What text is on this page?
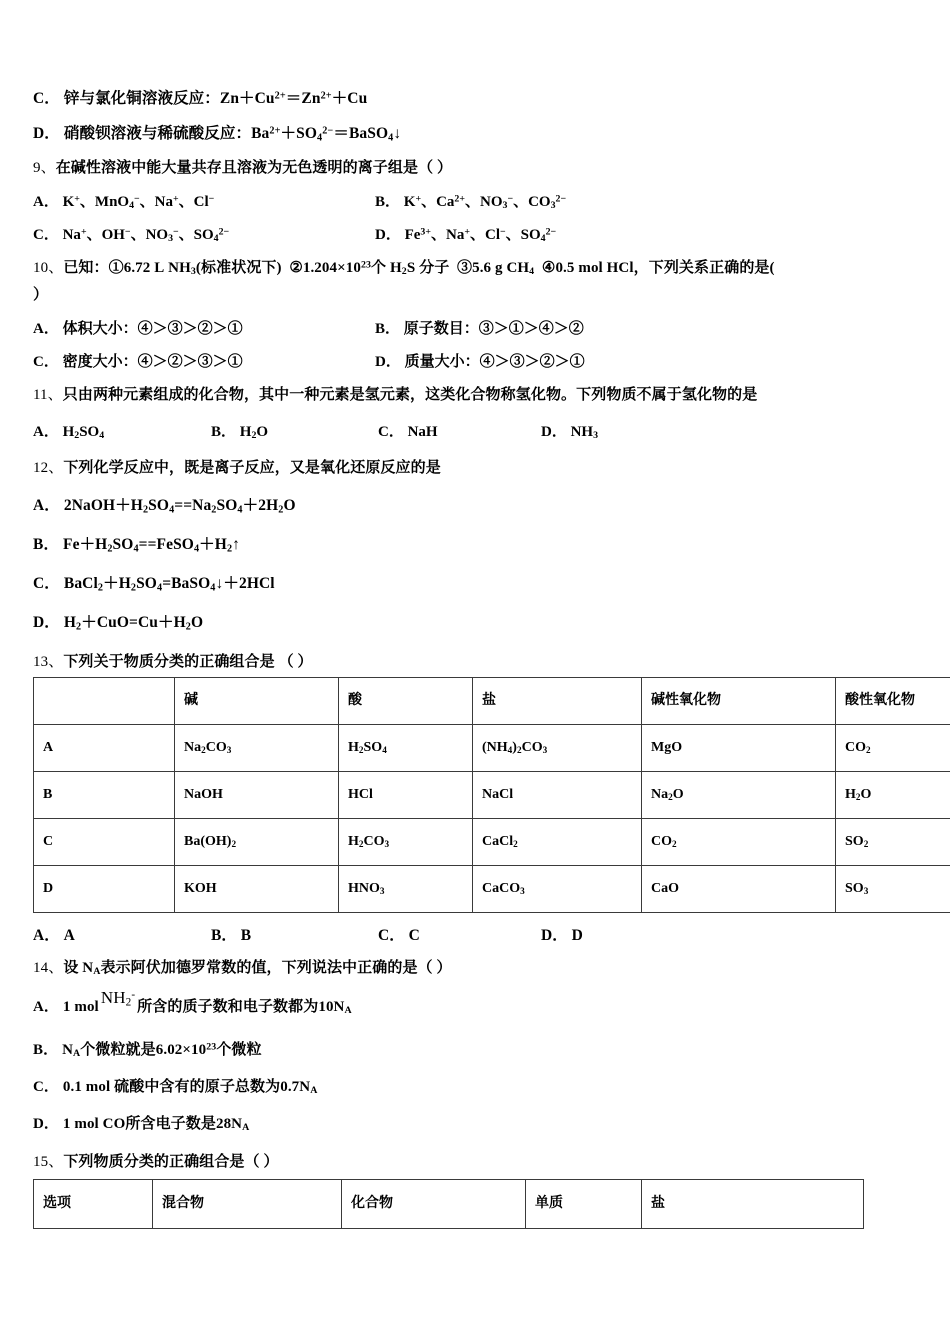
C． 锌与氯化铜溶液反应：$Zn+Cu^{2+}=Zn^{2+}+Cu$
D． 硝酸钡溶液与稀硫酸反应：$Ba^{2+}+SO_4^{2-}=BaSO_4↓$
9、在碱性溶液中能大量共存且溶液为无色透明的离子组是（ ）
A． K+、MnO$_4$−、Na+、Cl−	B． K+、$Ca^{2+}$、$NO_3^-$、$CO_3^{2-}$
C． Na+、OH−、$NO_3^-$、$SO_4^{2-}$	D． $Fe^{3+}$、Na+、Cl−、$SO_4^{2-}$
10、已知：①6.72 L $NH_3$(标准状况下)  $②1.204\times 10^{23}$个 $H_2S$ 分子  ③5.6 g $CH_4$  ④0.5 mol HCl，下列关系正确的是(
）
A． 体积大小：④＞③＞②＞①	B． 原子数目：③＞①＞④＞②
C． 密度大小：④＞②＞③＞①	D． 质量大小：④＞③＞②＞①
11、只由两种元素组成的化合物，其中一种元素是氢元素，这类化合物称氢化物。下列物质不属于氢化物的是
A． $H_2SO_4$	B． $H_2O$	C． NaH	D． $NH_3$
12、下列化学反应中，既是离子反应，又是氧化还原反应的是
A． $2NaOH+H_2SO_4==Na_2SO_4+2H_2O$
B． $Fe+H_2SO_4==FeSO_4+H_2↑$
C． $BaCl_2+H_2SO_4=BaSO_4↓+2HCl$
D． $H_2+CuO=Cu+H_2O$
13、下列关于物质分类的正确组合是 （ ）
	碱	酸	盐	碱性氧化物	酸性氧化物
A	$Na_2CO_3$	$H_2SO_4$	$(NH_4)_2CO_3$	MgO	$CO_2$
B	NaOH	HCl	NaCl	$Na_2O$	$H_2O$
C	$Ba(OH)_2$	$H_2CO_3$	CaCl$_2$	$CO_2$	$SO_2$
D	KOH	$HNO_3$	CaCO$_3$	CaO	$SO_3$
A． A	B． B	C． C	D． D
14、设 $N_A$表示阿伏加德罗常数的值，下列说法中正确的是（ ）
A． 1 mol $NH_2^-$所含的质子数和电子数都为$10N_A$
B． $N_A$个微粒就是$6.02\times 10^{23}$个微粒
C． 0.1 mol 硫酸中含有的原子总数为$0.7N_A$
D． 1 mol CO所含电子数是$28N_A$
15、下列物质分类的正确组合是（ ）
选项	混合物	化合物	单质	盐
